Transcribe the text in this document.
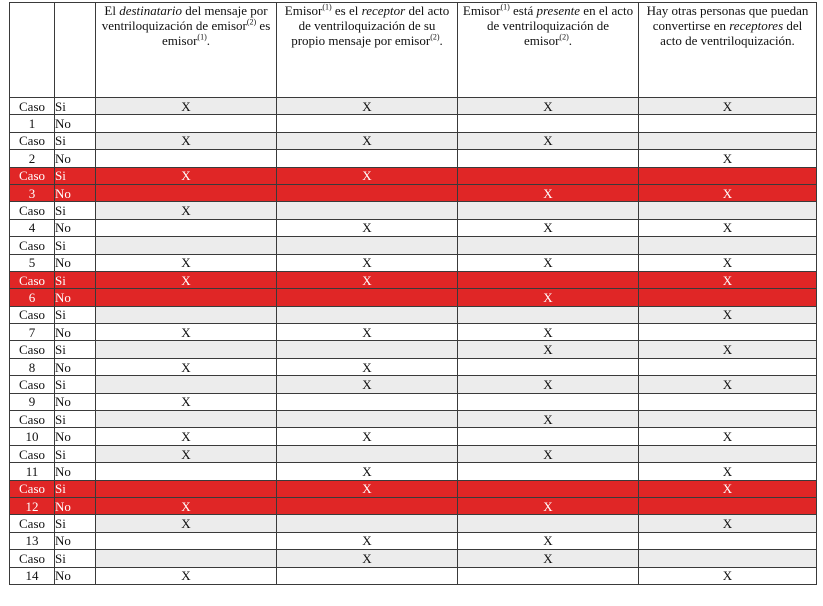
		El destinatario del mensaje por ventriloquización de emisor$^{(2)}$ es emisor$^{(1)}$.	Emisor$^{(1)}$ es el receptor del acto de ventriloquización de su propio mensaje por emisor$^{(2)}$.	Emisor$^{(1)}$ está presente en el acto de ventriloquización de emisor$^{(2)}$.	Hay otras personas que puedan convertirse en receptores del acto de ventriloquización.
Caso	Si	X	X	X	X
1	No				
Caso	Si	X	X	X	
2	No				X
Caso	Si	X	X		
3	No			X	X
Caso	Si	X			
4	No		X	X	X
Caso	Si				
5	No	X	X	X	X
Caso	Si	X	X		X
6	No			X	
Caso	Si				X
7	No	X	X	X	
Caso	Si			X	X
8	No	X	X		
Caso	Si		X	X	X
9	No	X			
Caso	Si			X	
10	No	X	X		X
Caso	Si	X		X	
11	No		X		X
Caso	Si		X		X
12	No	X		X	
Caso	Si	X			X
13	No		X	X	
Caso	Si		X	X	
14	No	X			X
